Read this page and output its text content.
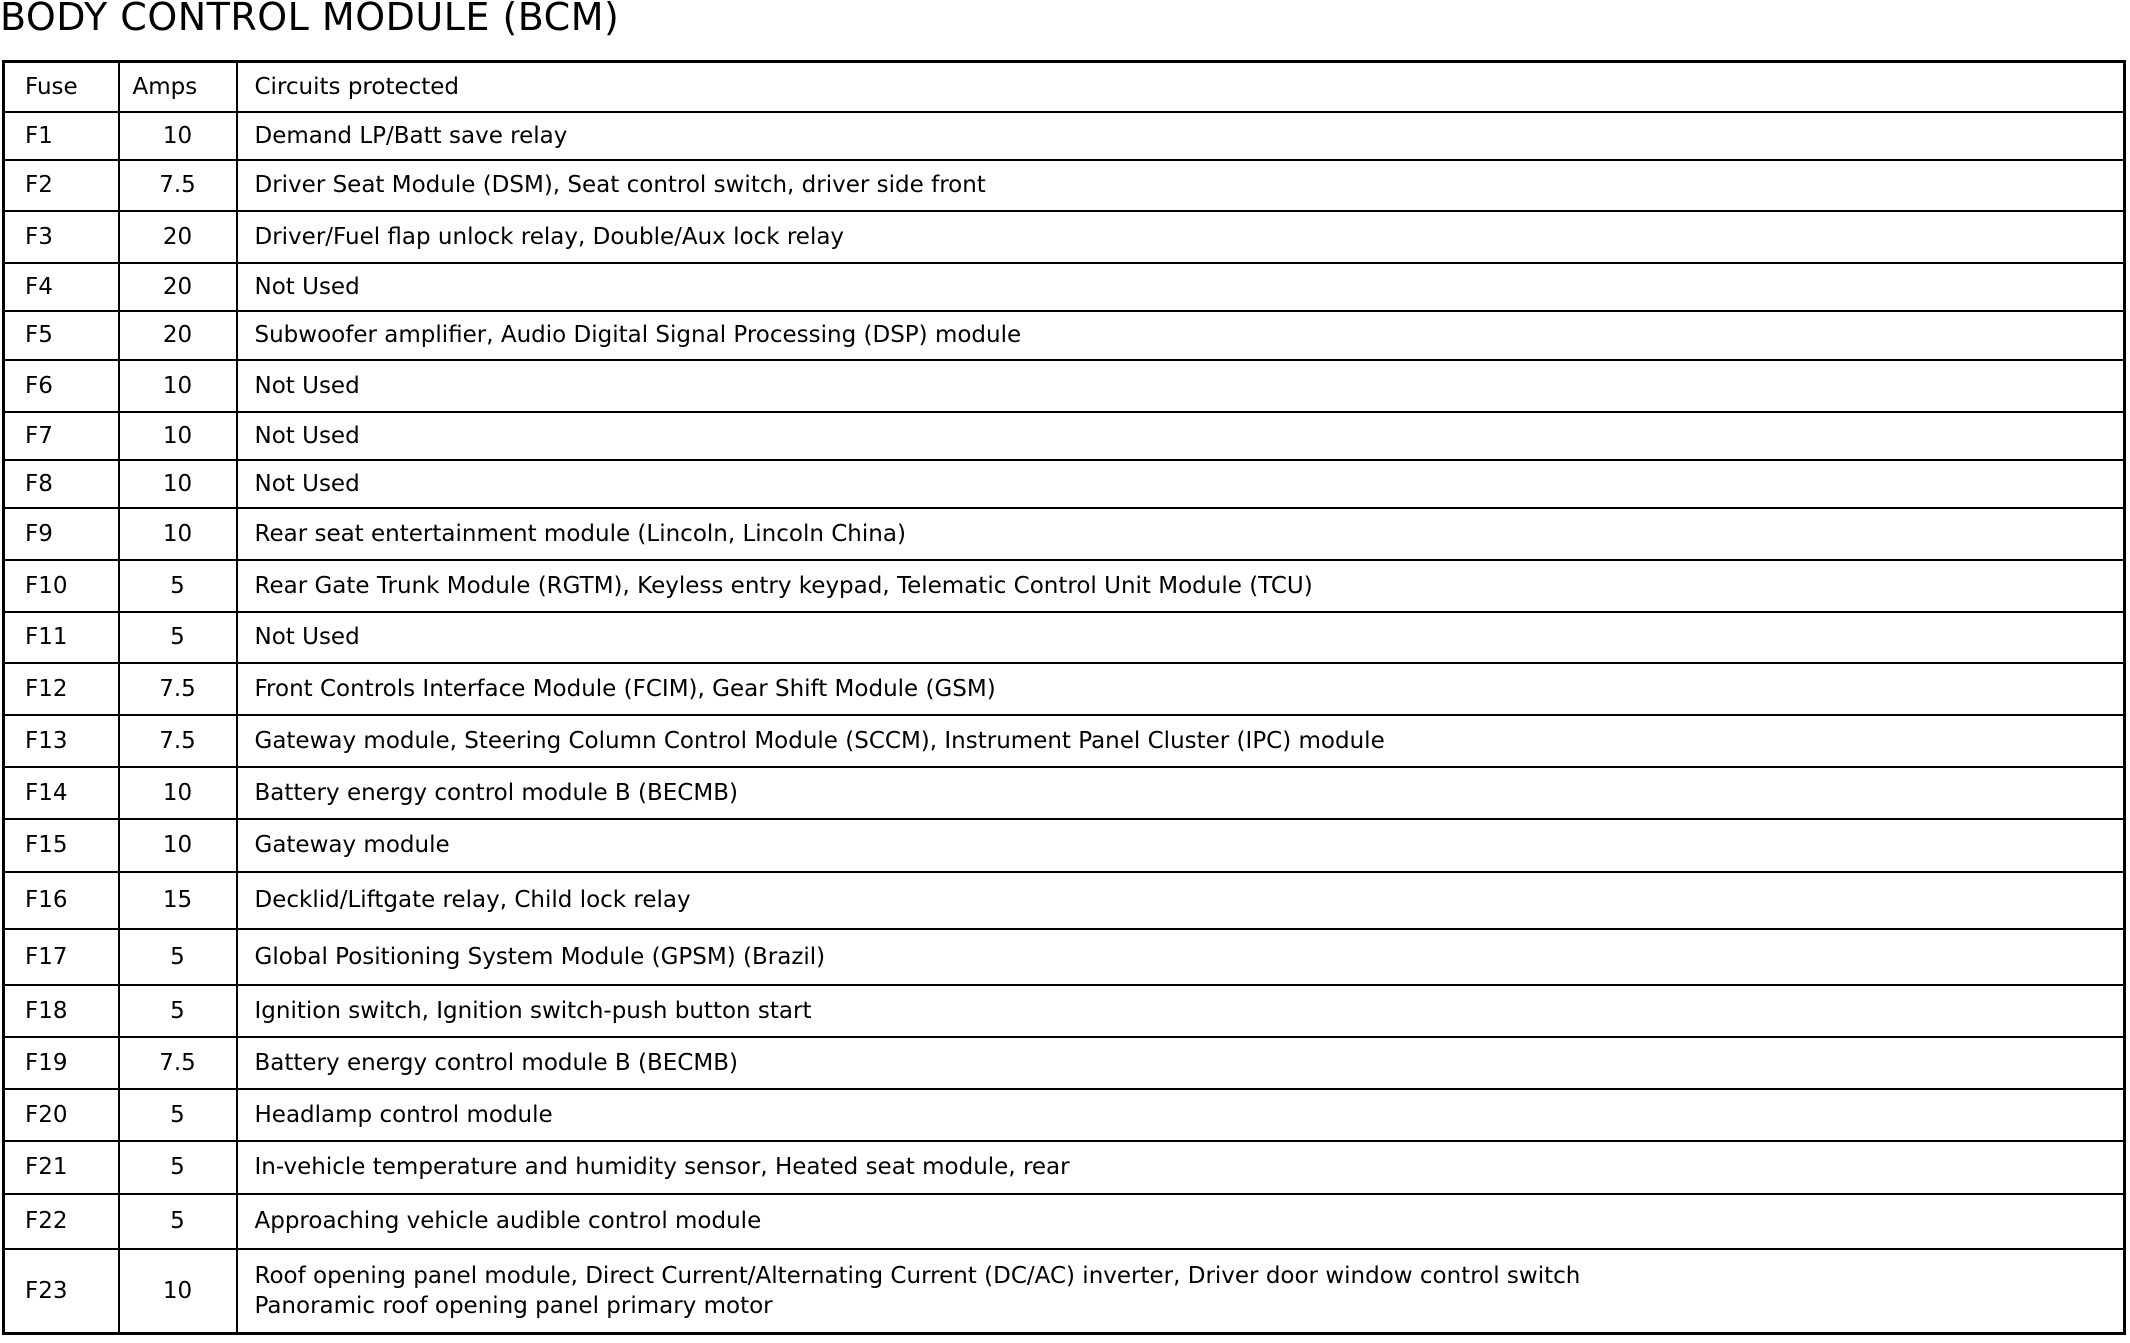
BODY CONTROL MODULE (BCM)
Fuse	Amps	Circuits protected
F1	10	Demand LP/Batt save relay
F2	7.5	Driver Seat Module (DSM), Seat control switch, driver side front
F3	20	Driver/Fuel flap unlock relay, Double/Aux lock relay
F4	20	Not Used
F5	20	Subwoofer amplifier, Audio Digital Signal Processing (DSP) module
F6	10	Not Used
F7	10	Not Used
F8	10	Not Used
F9	10	Rear seat entertainment module (Lincoln, Lincoln China)
F10	5	Rear Gate Trunk Module (RGTM), Keyless entry keypad, Telematic Control Unit Module (TCU)
F11	5	Not Used
F12	7.5	Front Controls Interface Module (FCIM), Gear Shift Module (GSM)
F13	7.5	Gateway module, Steering Column Control Module (SCCM), Instrument Panel Cluster (IPC) module
F14	10	Battery energy control module B (BECMB)
F15	10	Gateway module
F16	15	Decklid/Liftgate relay, Child lock relay
F17	5	Global Positioning System Module (GPSM) (Brazil)
F18	5	Ignition switch, Ignition switch-push button start
F19	7.5	Battery energy control module B (BECMB)
F20	5	Headlamp control module
F21	5	In-vehicle temperature and humidity sensor, Heated seat module, rear
F22	5	Approaching vehicle audible control module
F23	10	Roof opening panel module, Direct Current/Alternating Current (DC/AC) inverter, Driver door window control switch
Panoramic roof opening panel primary motor
